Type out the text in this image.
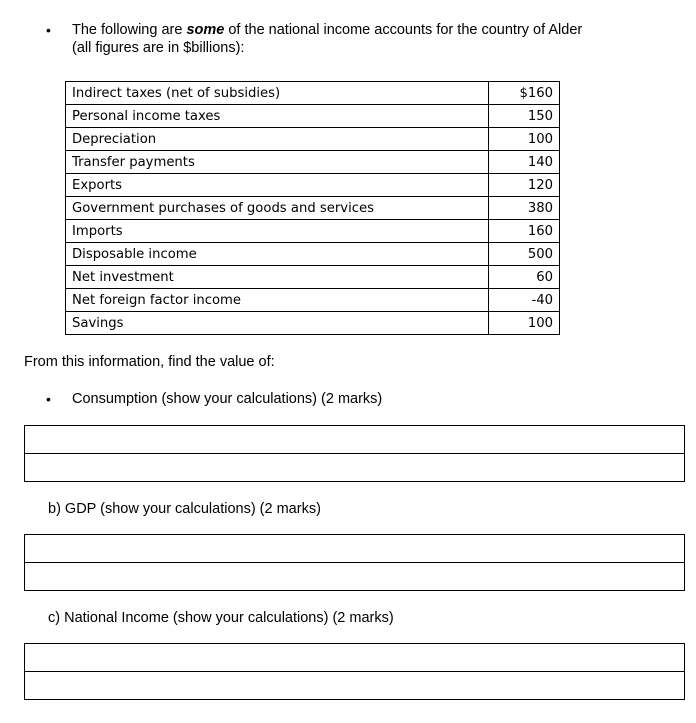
•	The following are some of the national income accounts for the country of Alder
(all figures are in $billions):
Indirect taxes (net of subsidies)	$160
Personal income taxes	150
Depreciation	100
Transfer payments	140
Exports	120
Government purchases of goods and services	380
Imports	160
Disposable income	500
Net investment	60
Net foreign factor income	-40
Savings	100
From this information, find the value of:
•	Consumption (show your calculations) (2 marks)
b) GDP (show your calculations) (2 marks)
c) National Income (show your calculations) (2 marks)
